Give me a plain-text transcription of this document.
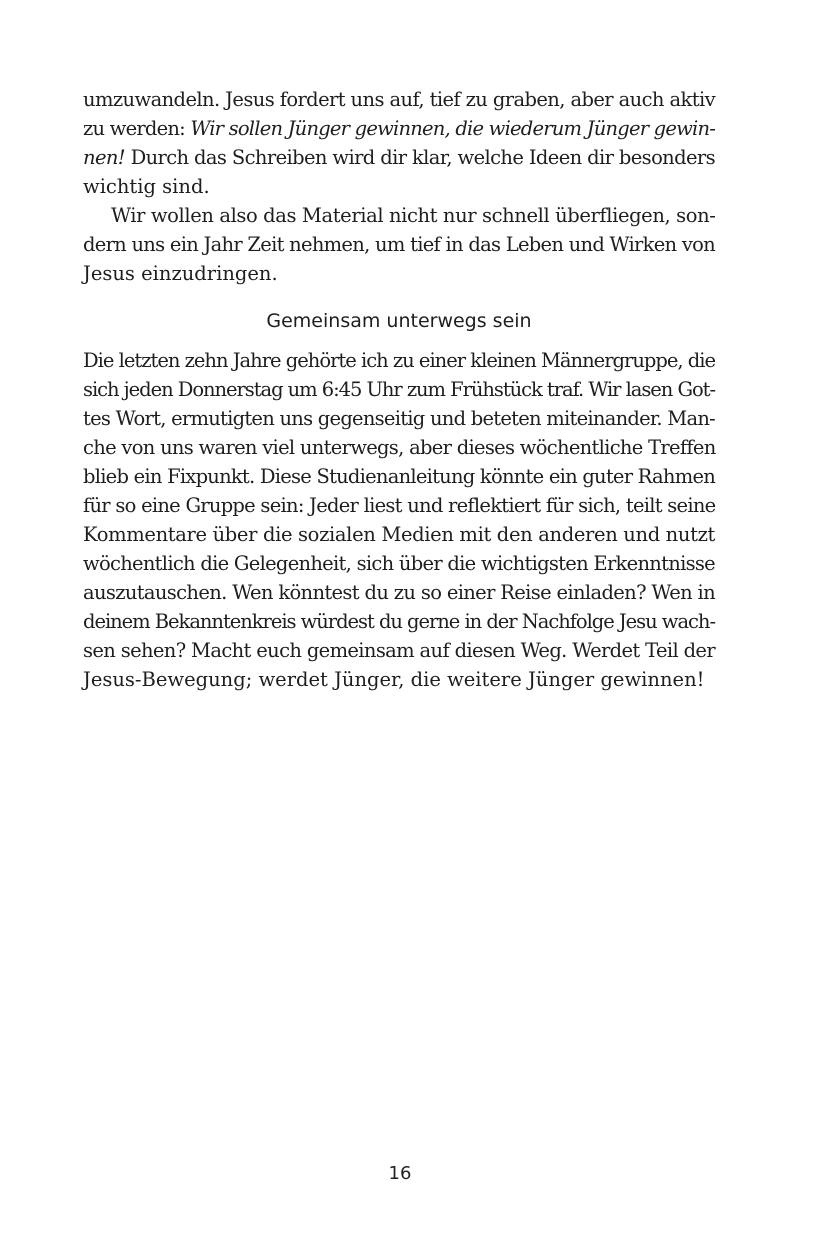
umzuwandeln. Jesus fordert uns auf, tief zu graben, aber auch aktiv
zu werden: Wir sollen Jünger gewinnen, die wiederum Jünger gewin-
nen! Durch das Schreiben wird dir klar, welche Ideen dir besonders
wichtig sind.
Wir wollen also das Material nicht nur schnell überfliegen, son-
dern uns ein Jahr Zeit nehmen, um tief in das Leben und Wirken von
Jesus einzudringen.
Gemeinsam unterwegs sein
Die letzten zehn Jahre gehörte ich zu einer kleinen Männergruppe, die
sich jeden Donnerstag um 6:45 Uhr zum Frühstück traf. Wir lasen Got-
tes Wort, ermutigten uns gegenseitig und beteten miteinander. Man-
che von uns waren viel unterwegs, aber dieses wöchentliche Treffen
blieb ein Fixpunkt. Diese Studienanleitung könnte ein guter Rahmen
für so eine Gruppe sein: Jeder liest und reflektiert für sich, teilt seine
Kommentare über die sozialen Medien mit den anderen und nutzt
wöchentlich die Gelegenheit, sich über die wichtigsten Erkenntnisse
auszutauschen. Wen könntest du zu so einer Reise einladen? Wen in
deinem Bekanntenkreis würdest du gerne in der Nachfolge Jesu wach-
sen sehen? Macht euch gemeinsam auf diesen Weg. Werdet Teil der
Jesus-Bewegung; werdet Jünger, die weitere Jünger gewinnen!
16
